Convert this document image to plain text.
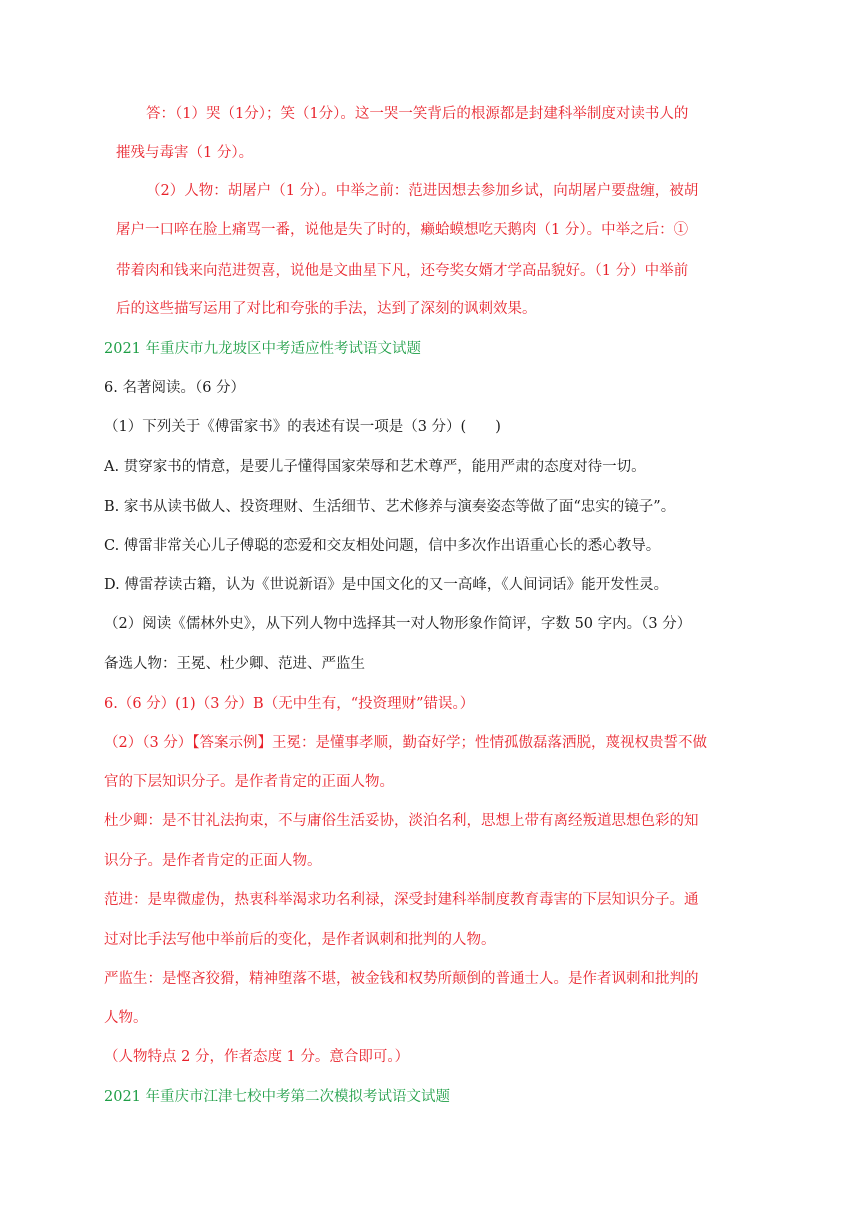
答：（1）哭（1分）；笑（1分）。这一哭一笑背后的根源都是封建科举制度对读书人的
摧残与毒害（1 分）。
（2）人物：胡屠户（1 分）。中举之前：范进因想去参加乡试，向胡屠户要盘缠，被胡
屠户一口啐在脸上痛骂一番，说他是失了时的，癞蛤蟆想吃天鹅肉（1 分）。中举之后：①
带着肉和钱来向范进贺喜，说他是文曲星下凡，还夸奖女婿才学高品貌好。（1 分）中举前
后的这些描写运用了对比和夸张的手法，达到了深刻的讽刺效果。
2021 年重庆市九龙坡区中考适应性考试语文试题
6. 名著阅读。（6 分）
（1）下列关于《傅雷家书》的表述有误一项是（3 分）(　　)
A. 贯穿家书的情意，是要儿子懂得国家荣辱和艺术尊严，能用严肃的态度对待一切。
B. 家书从读书做人、投资理财、生活细节、艺术修养与演奏姿态等做了面“忠实的镜子”。
C. 傅雷非常关心儿子傅聪的恋爱和交友相处问题，信中多次作出语重心长的悉心教导。
D. 傅雷荐读古籍，认为《世说新语》是中国文化的又一高峰，《人间词话》能开发性灵。
（2）阅读《儒林外史》，从下列人物中选择其一对人物形象作简评，字数 50 字内。（3 分）
备选人物：王冕、杜少卿、范进、严监生
6.（6 分）(1)（3 分）B（无中生有，“投资理财”错误。）
（2）（3 分）【答案示例】王冕：是懂事孝顺，勤奋好学；性情孤傲磊落洒脱，蔑视权贵誓不做
官的下层知识分子。是作者肯定的正面人物。
杜少卿：是不甘礼法拘束，不与庸俗生活妥协，淡泊名利，思想上带有离经叛道思想色彩的知
识分子。是作者肯定的正面人物。
范进：是卑微虚伪，热衷科举渴求功名利禄，深受封建科举制度教育毒害的下层知识分子。通
过对比手法写他中举前后的变化，是作者讽刺和批判的人物。
严监生：是悭吝狡猾，精神堕落不堪，被金钱和权势所颠倒的普通士人。是作者讽刺和批判的
人物。
（人物特点 2 分，作者态度 1 分。意合即可。）
2021 年重庆市江津七校中考第二次模拟考试语文试题
